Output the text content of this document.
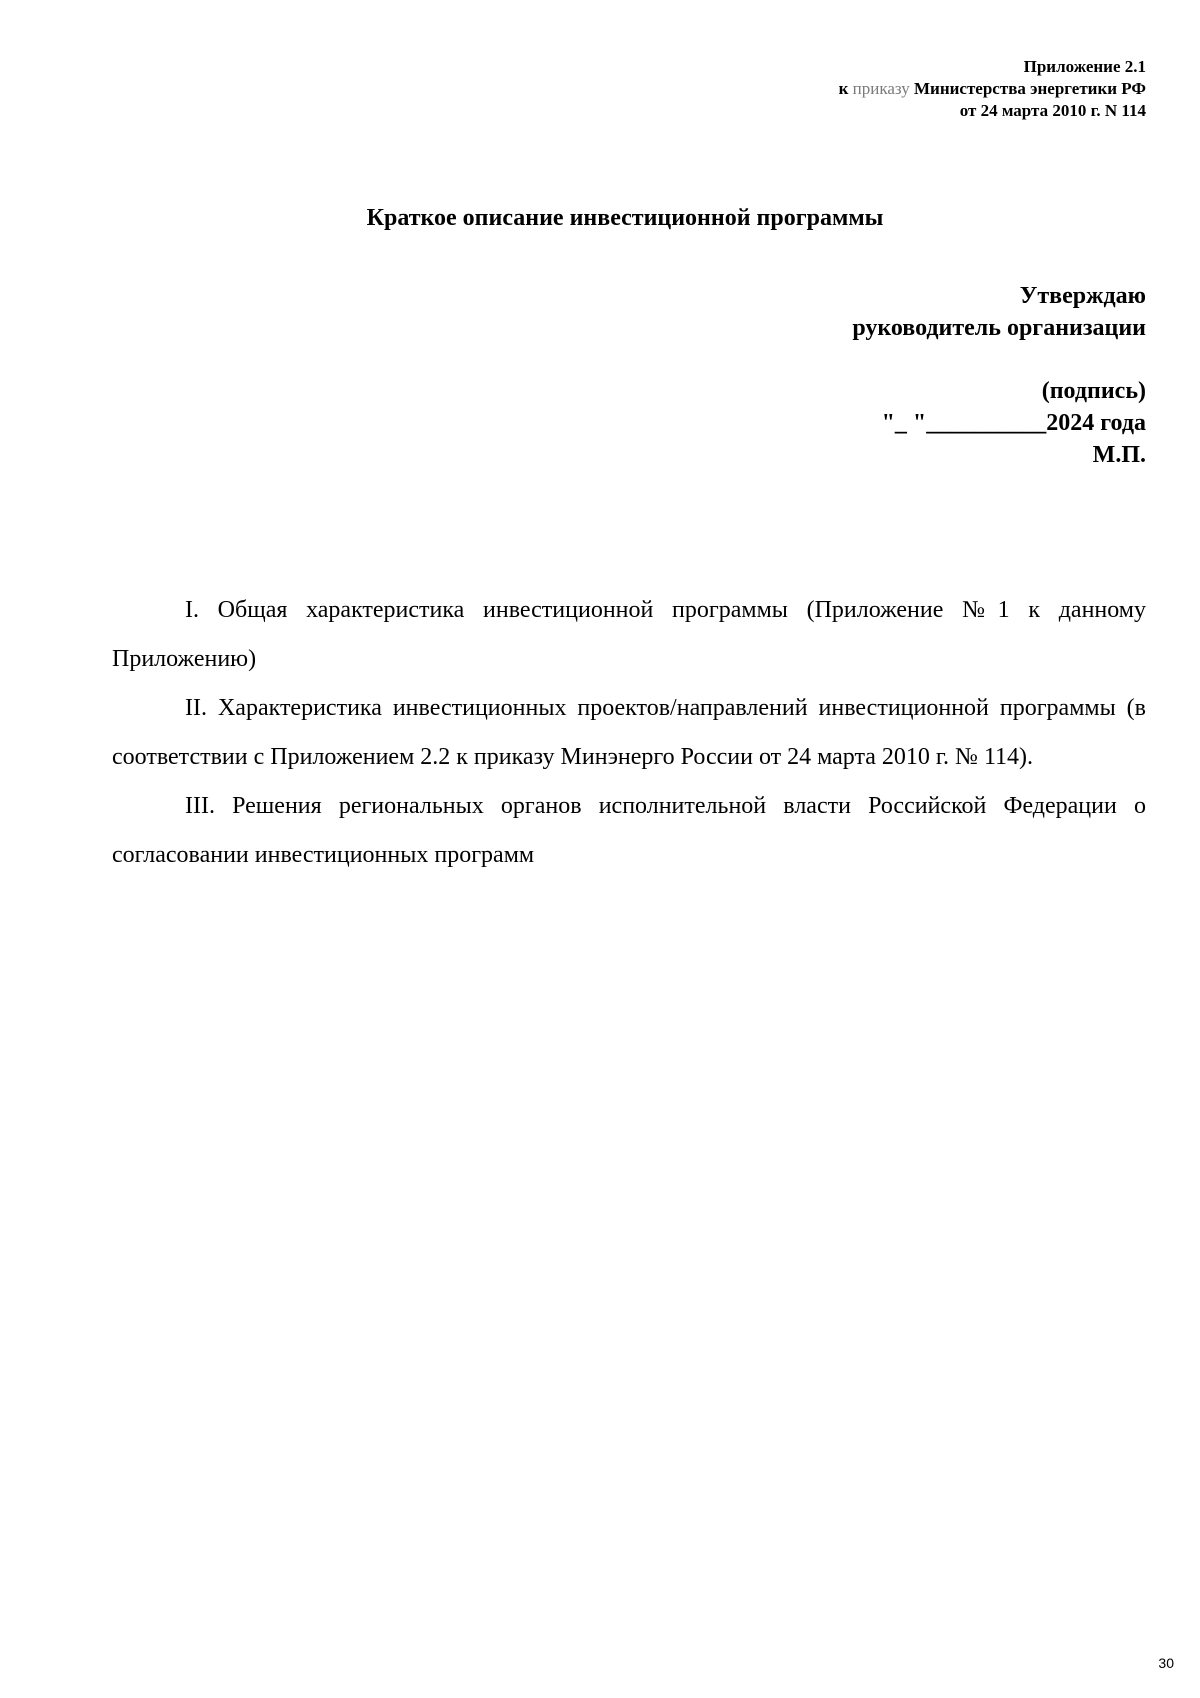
Приложение 2.1
к приказу Министерства энергетики РФ
от 24 марта 2010 г. N 114
Краткое описание инвестиционной программы
Утверждаю
руководитель организации
(подпись)
"_ "__________2024 года
М.П.

I. Общая характеристика инвестиционной программы (Приложение №1 к данному Приложению)

II. Характеристика инвестиционных проектов/направлений инвестиционной программы (в соответствии с Приложением 2.2 к приказу Минэнерго России от 24 марта 2010 г. № 114).

III. Решения региональных органов исполнительной власти Российской Федерации о согласовании инвестиционных программ

30
